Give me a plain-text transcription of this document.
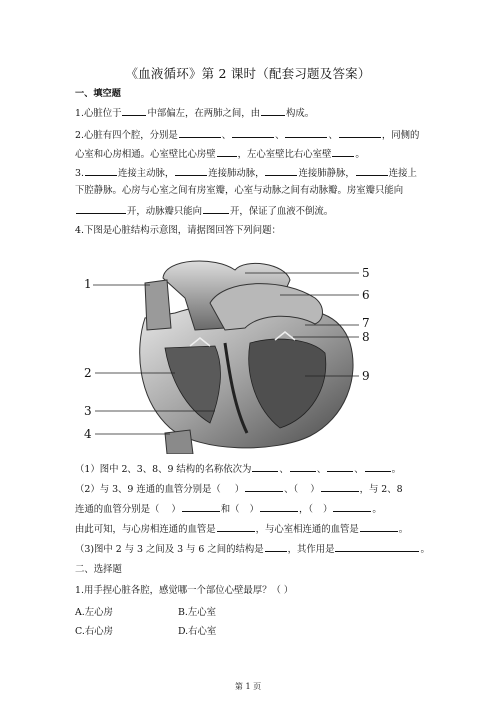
《血液循环》第 2 课时（配套习题及答案）
一、填空题
1.心脏位于	中部偏左，在两肺之间，由	构成。
2.心脏有四个腔，分别是	、	、	、	，同侧的
心室和心房相通。心室壁比心房壁 ，左心室壁比右心室壁	。
3.	连接主动脉，	连接肺动脉，	连接肺静脉，	连接上
下腔静脉。心房与心室之间有房室瓣，心室与动脉之间有动脉瓣。房室瓣只能向
开，动脉瓣只能向	开，保证了血液不倒流。
4.下图是心脏结构示意图，请据图回答下列问题：
1
2
3
4
5
6
7
8
9
（1）图中 2、3、8、9 结构的名称依次为	、	、	、	。
（2）与 3、9 连通的血管分别是（ ）	、（ ）	，与 2、8
连通的血管分别是（ ）	和（ ）	，（ ）	。
由此可知，与心房相连通的血管是	，与心室相连通的血管是	。
（3)图中 2 与 3 之间及 3 与 6 之间的结构是	，其作用是	。
二、选择题
1.用手捏心脏各腔，感觉哪一个部位心壁最厚？（ ）
A.左心房	B.左心室
C.右心房	D.右心室
第 1 页
